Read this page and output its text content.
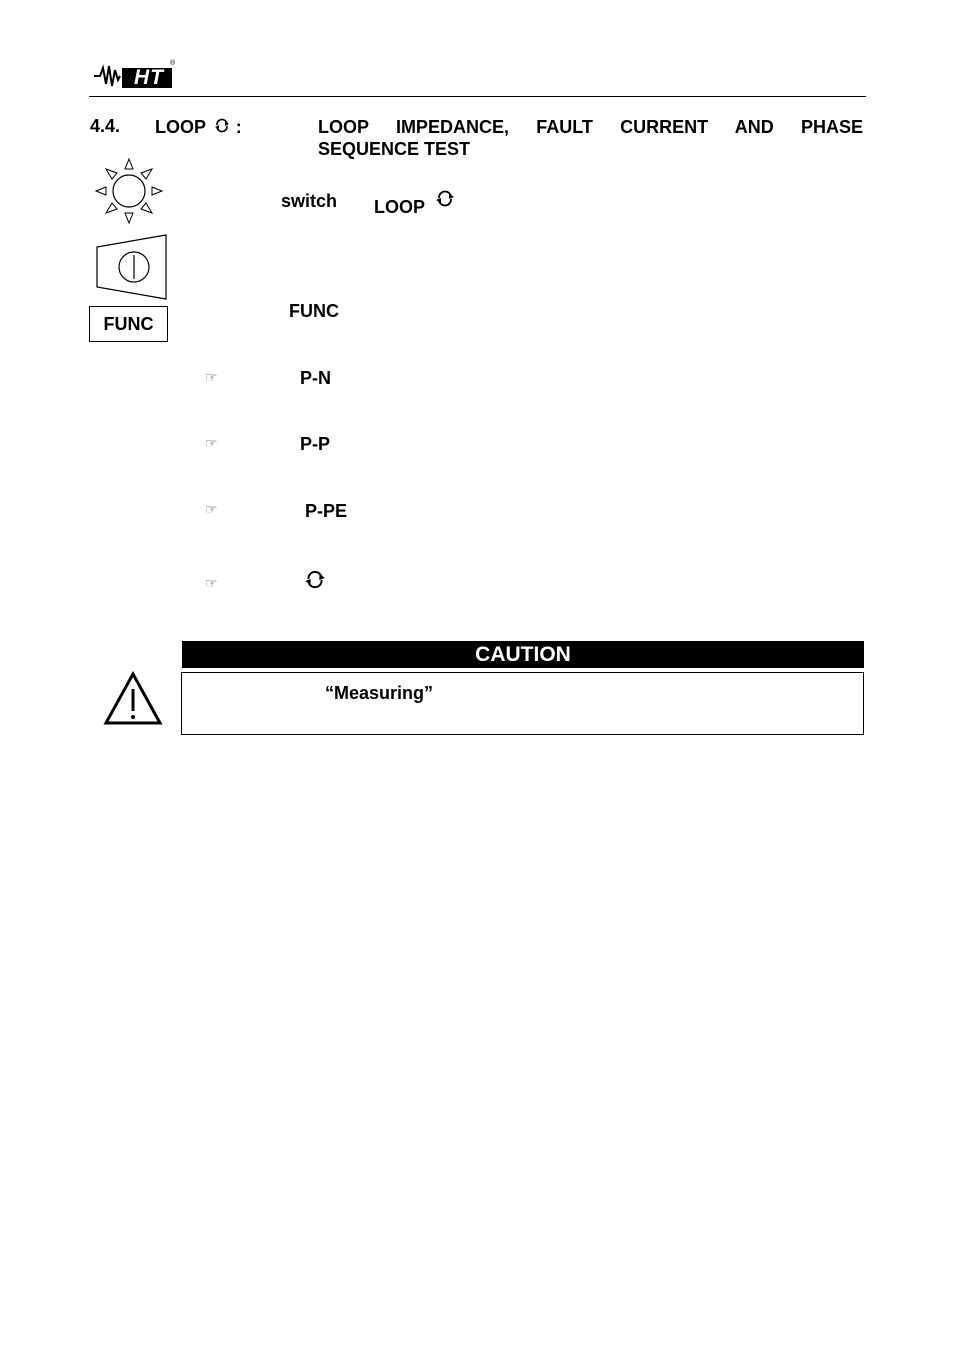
HT
®
4.4. LOOP :	LOOP IMPEDANCE, FAULT CURRENT AND PHASE
SEQUENCE TEST
switch LOOP
FUNC
FUNC
☞	P-N
☞	P-P
☞	P-PE
☞
CAUTION
“Measuring”
